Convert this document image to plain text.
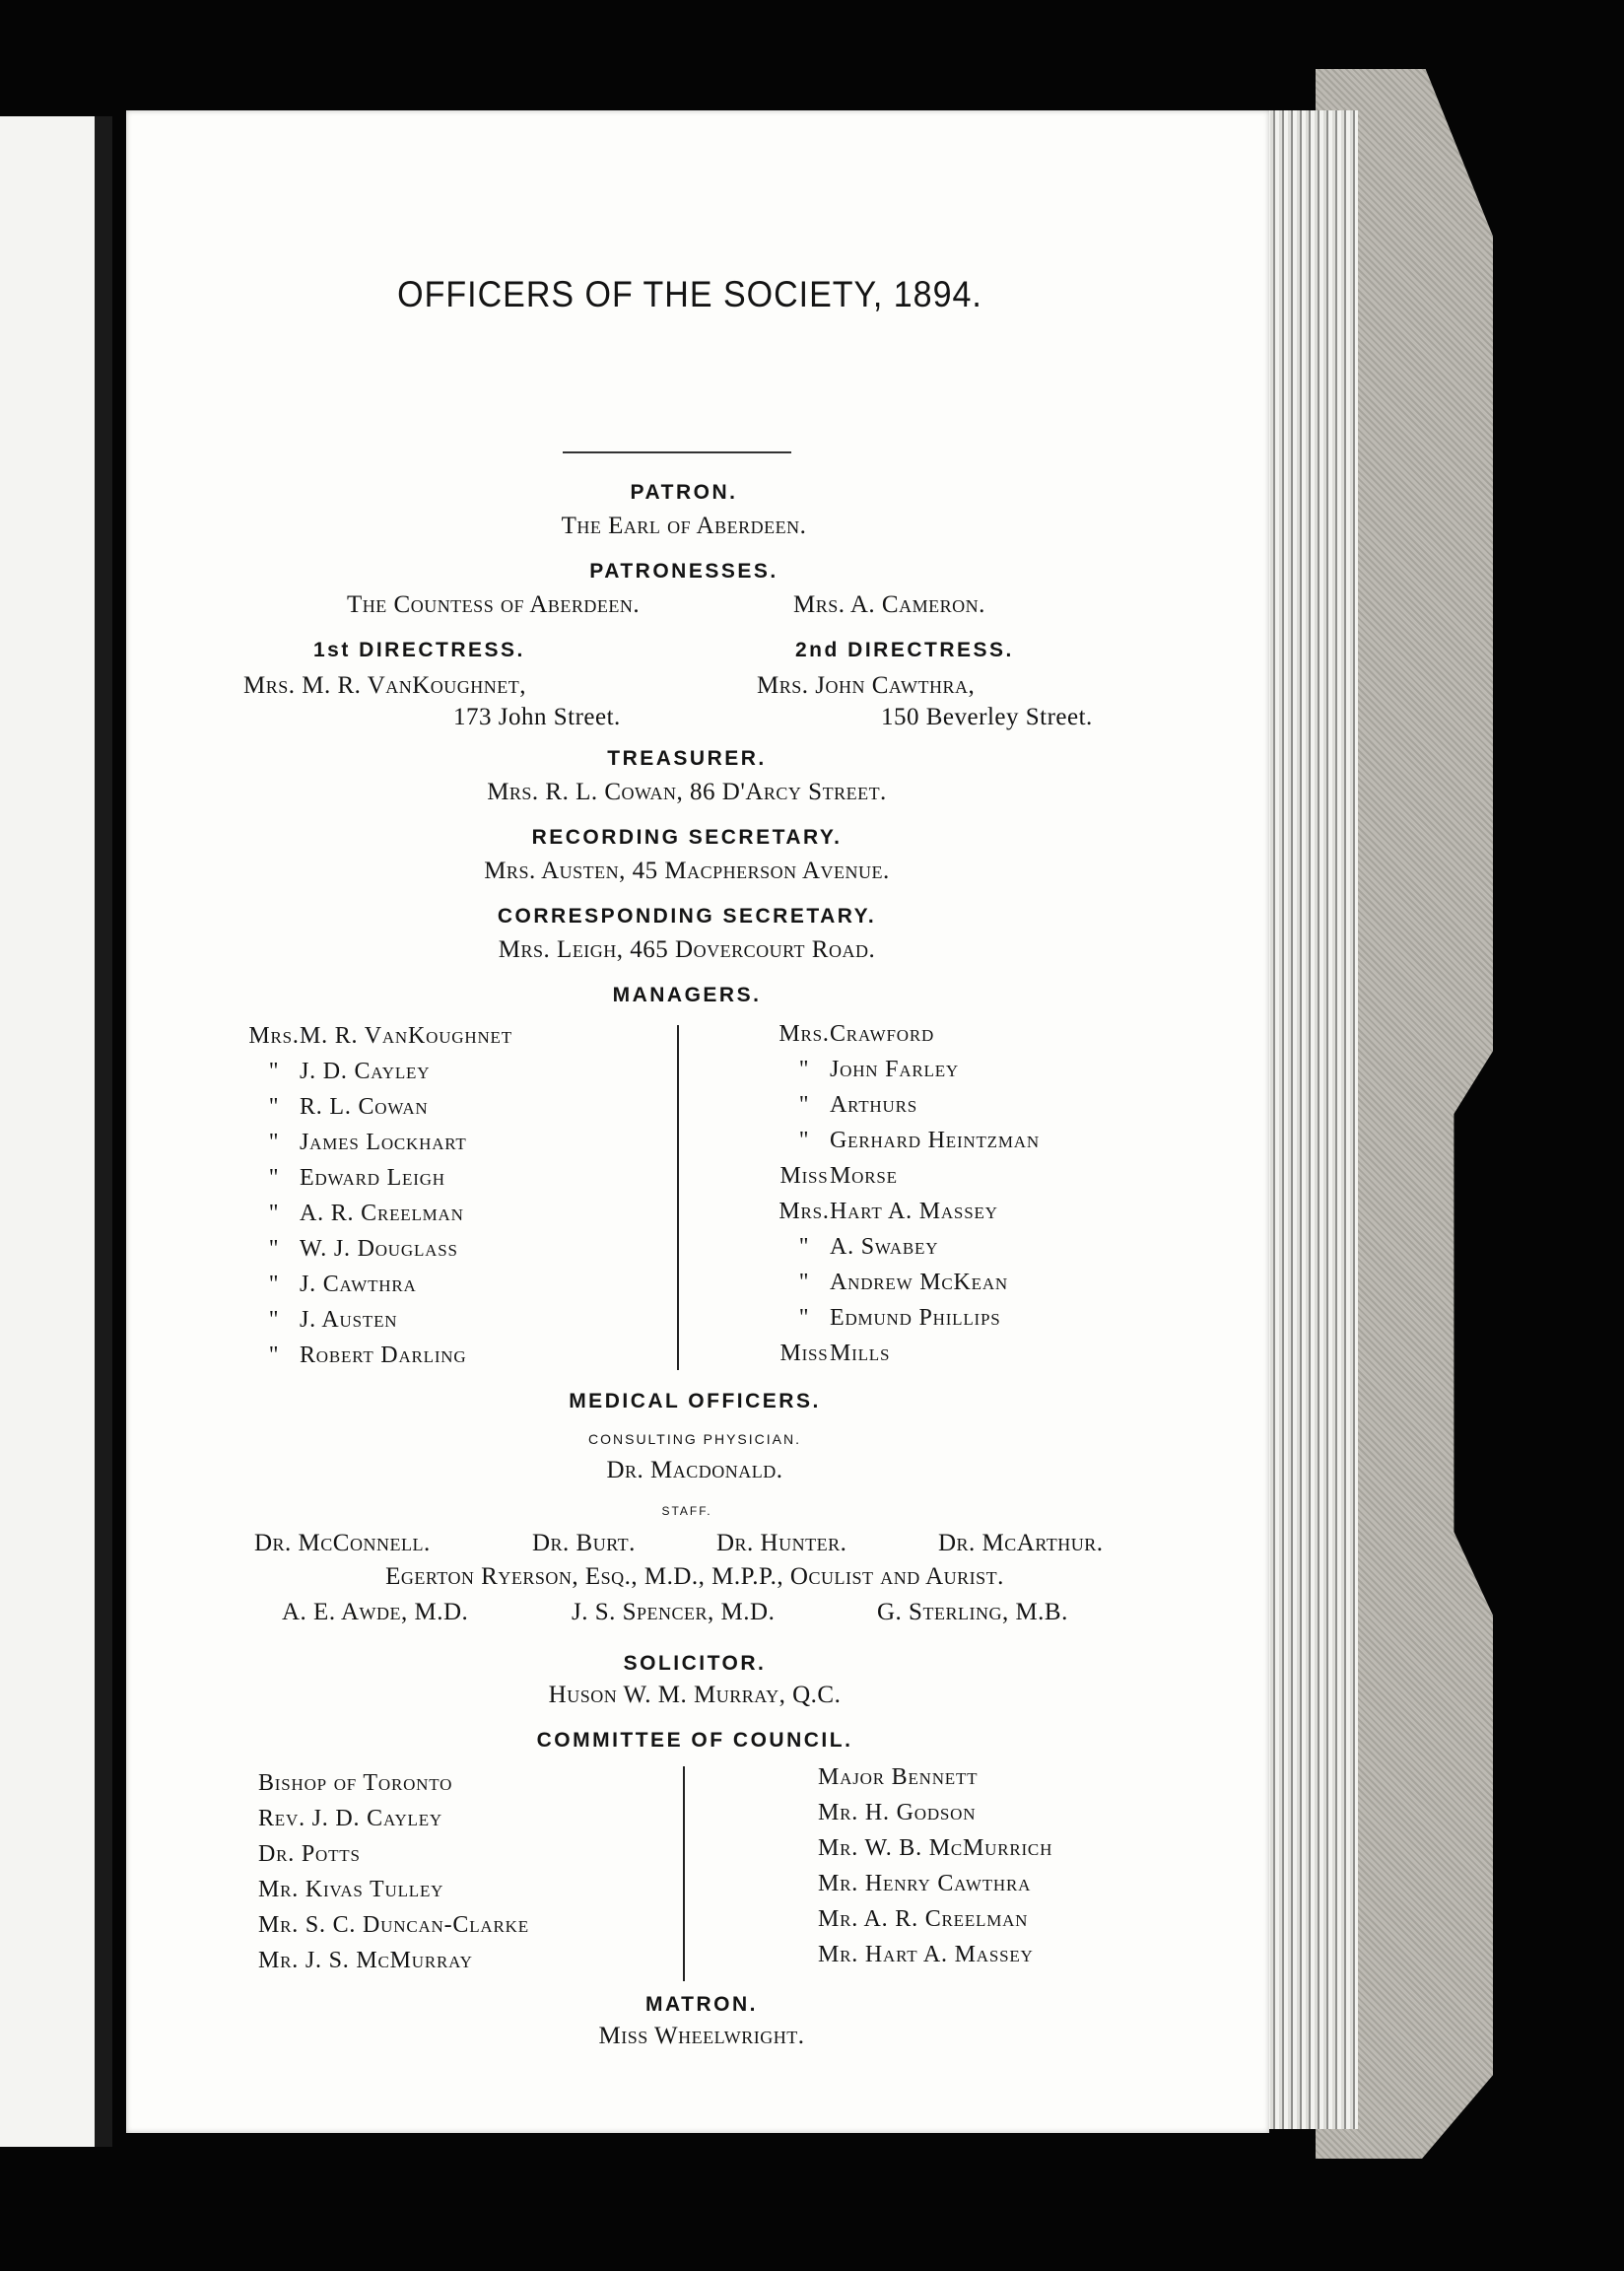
OFFICERS OF THE SOCIETY, 1894.
PATRON.
The Earl of Aberdeen.
PATRONESSES.
The Countess of Aberdeen.	Mrs. A. Cameron.
1st DIRECTRESS.	2nd DIRECTRESS.
Mrs. M. R. VanKoughnet,	Mrs. John Cawthra,
173 John Street.	150 Beverley Street.
TREASURER.
Mrs. R. L. Cowan, 86 D'Arcy Street.
RECORDING SECRETARY.
Mrs. Austen, 45 Macpherson Avenue.
CORRESPONDING SECRETARY.
Mrs. Leigh, 465 Dovercourt Road.
MANAGERS.
Mrs.M. R. VanKoughnet
" J. D. Cayley
" R. L. Cowan
" James Lockhart
" Edward Leigh
" A. R. Creelman
" W. J. Douglass
" J. Cawthra
" J. Austen
" Robert Darling
Mrs.Crawford
" John Farley
" Arthurs
" Gerhard Heintzman
MissMorse
Mrs.Hart A. Massey
" A. Swabey
" Andrew McKean
" Edmund Phillips
MissMills
MEDICAL OFFICERS.
CONSULTING PHYSICIAN.
Dr. Macdonald.
STAFF.
Dr. McConnell.	Dr. Burt.	Dr. Hunter.	Dr. McArthur.
Egerton Ryerson, Esq., M.D., M.P.P., Oculist and Aurist.
A. E. Awde, M.D.	J. S. Spencer, M.D.	G. Sterling, M.B.
SOLICITOR.
Huson W. M. Murray, Q.C.
COMMITTEE OF COUNCIL.
Bishop of Toronto
Rev. J. D. Cayley
Dr. Potts
Mr. Kivas Tulley
Mr. S. C. Duncan-Clarke
Mr. J. S. McMurray
Major Bennett
Mr. H. Godson
Mr. W. B. McMurrich
Mr. Henry Cawthra
Mr. A. R. Creelman
Mr. Hart A. Massey
MATRON.
Miss Wheelwright.
